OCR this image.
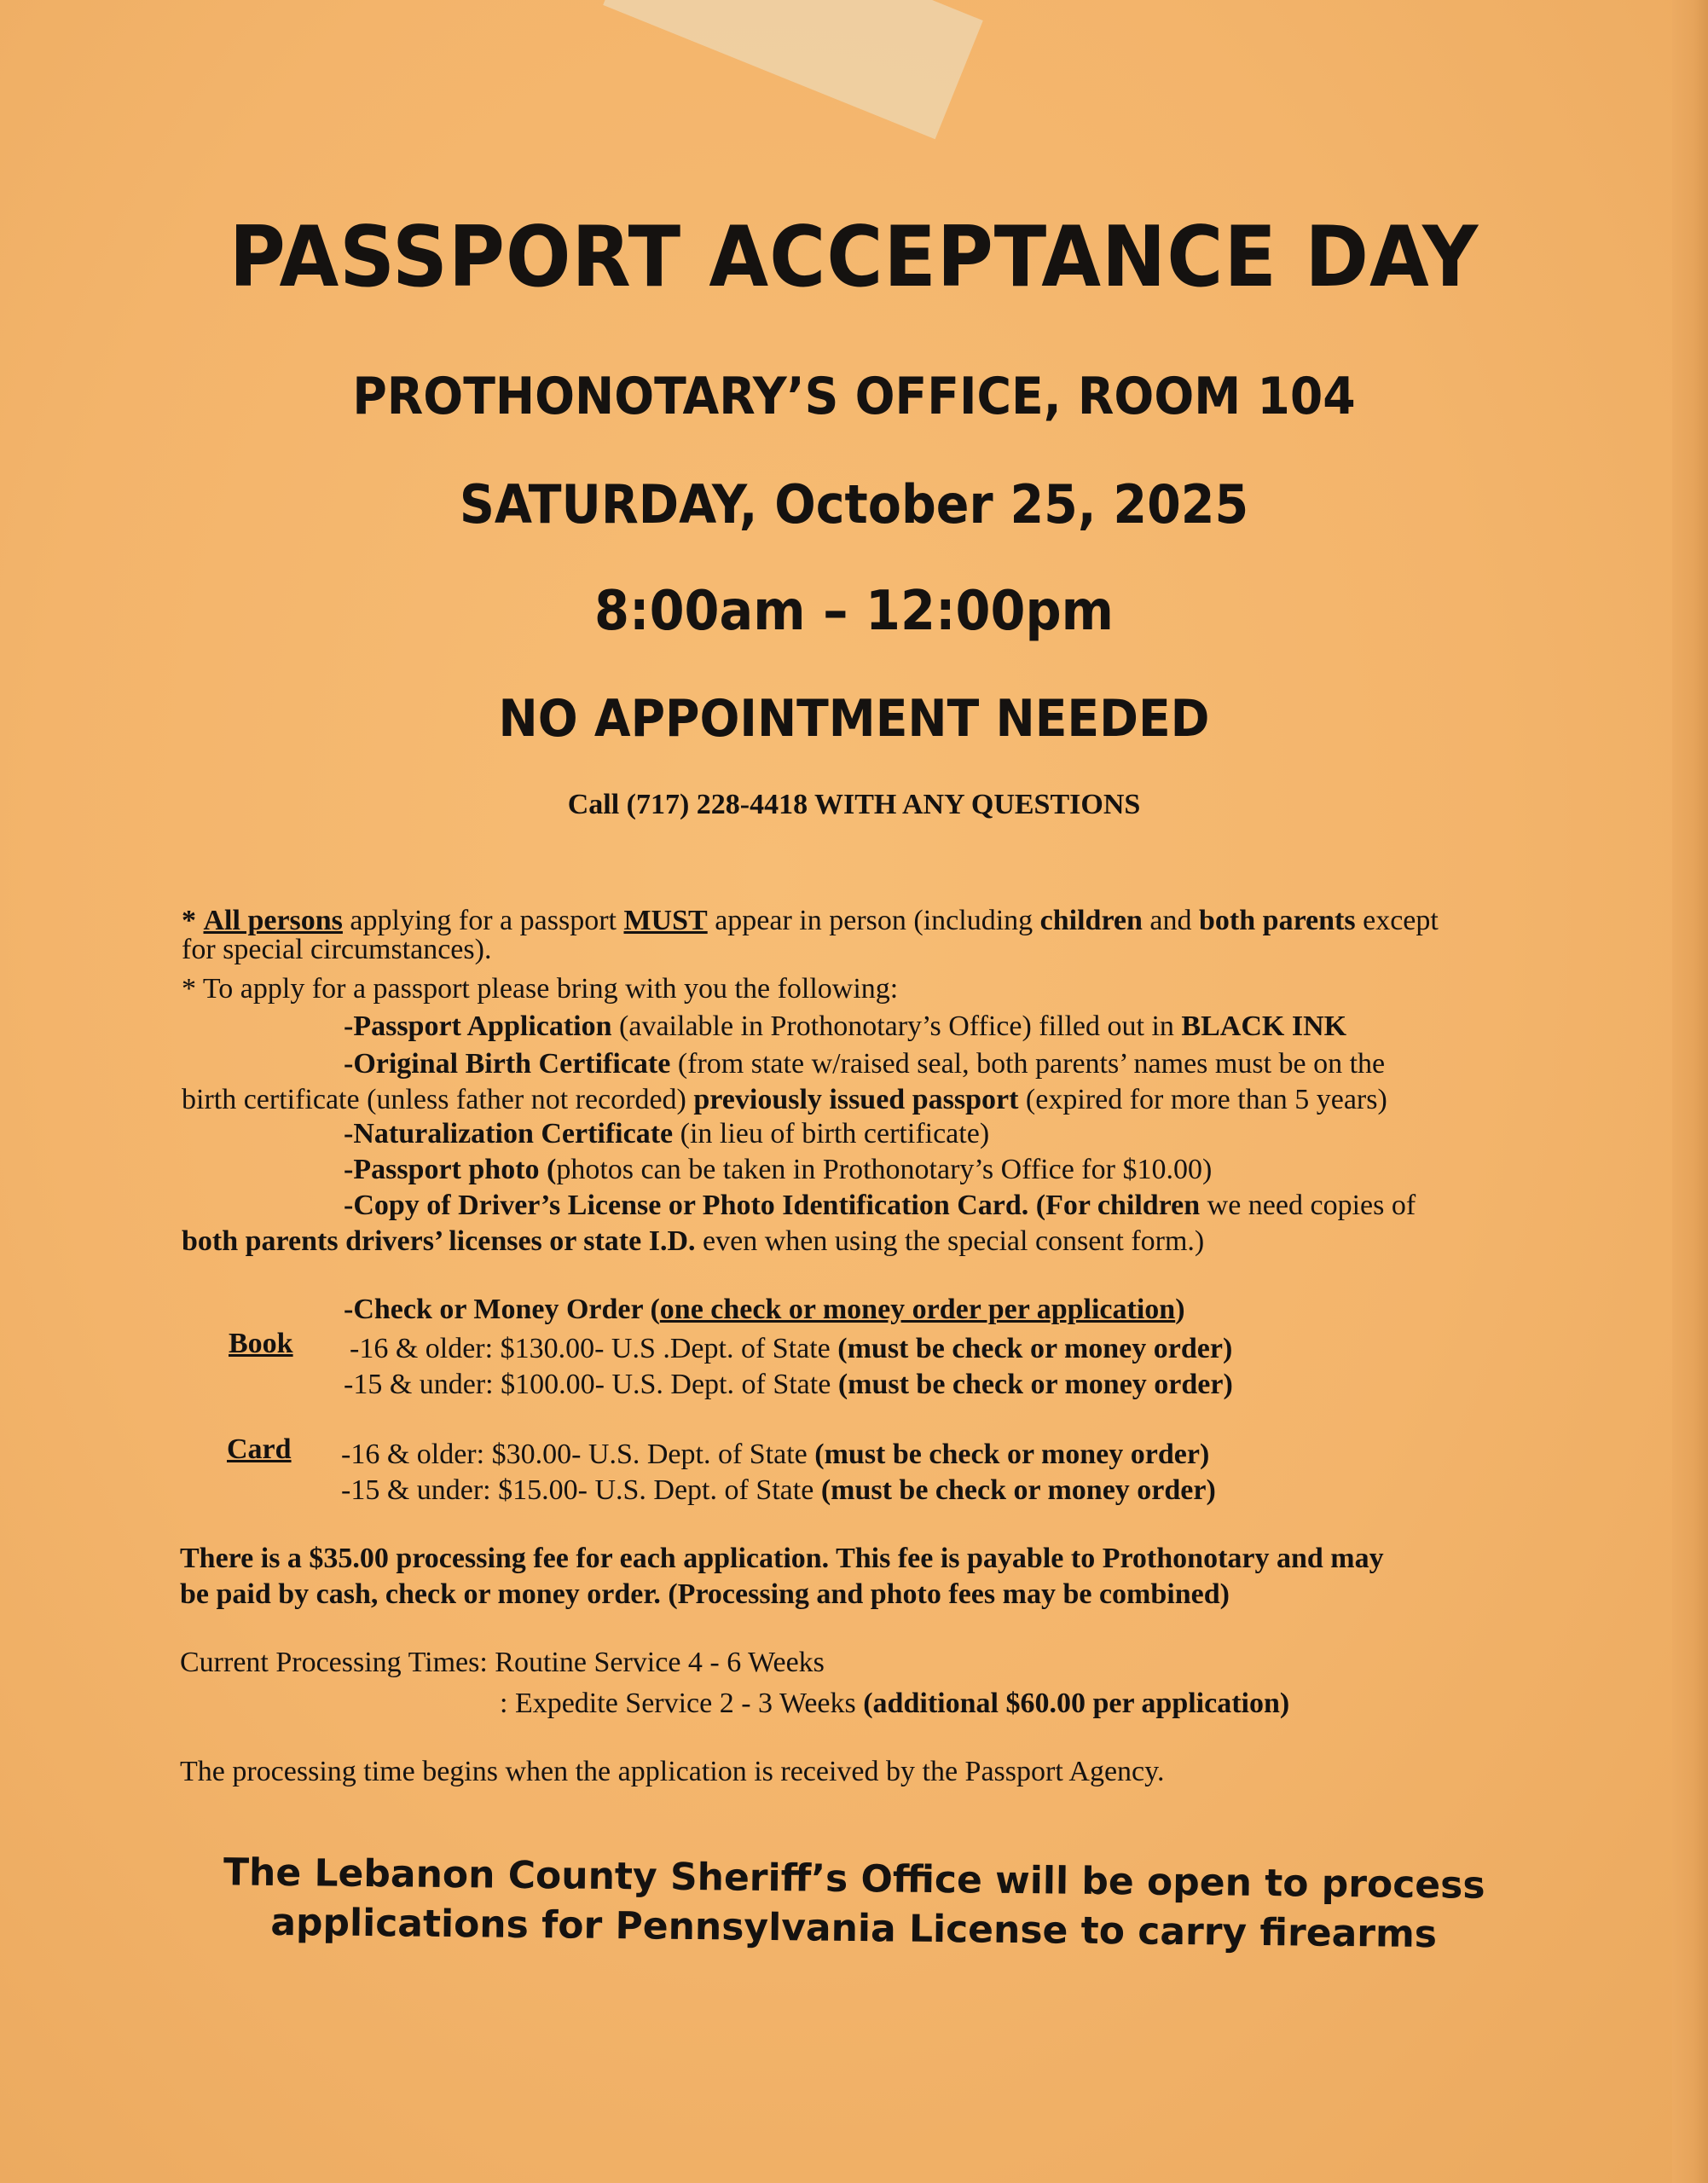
PASSPORT ACCEPTANCE DAY
PROTHONOTARY’S OFFICE, ROOM 104
SATURDAY, October 25, 2025
8:00am – 12:00pm
NO APPOINTMENT NEEDED
Call (717) 228-4418 WITH ANY QUESTIONS
* All persons applying for a passport MUST appear in person (including children and both parents except
for special circumstances).
* To apply for a passport please bring with you the following:
-Passport Application (available in Prothonotary’s Office) filled out in BLACK INK
-Original Birth Certificate (from state w/raised seal, both parents’ names must be on the
birth certificate (unless father not recorded) previously issued passport (expired for more than 5 years)
-Naturalization Certificate (in lieu of birth certificate)
-Passport photo (photos can be taken in Prothonotary’s Office for $10.00)
-Copy of Driver’s License or Photo Identification Card. (For children we need copies of
both parents drivers’ licenses or state I.D. even when using the special consent form.)
-Check or Money Order (one check or money order per application)
Book -16 & older: $130.00- U.S .Dept. of State (must be check or money order)
-15 & under: $100.00- U.S. Dept. of State (must be check or money order)
Card -16 & older: $30.00- U.S. Dept. of State (must be check or money order)
-15 & under: $15.00- U.S. Dept. of State (must be check or money order)
There is a $35.00 processing fee for each application. This fee is payable to Prothonotary and may
be paid by cash, check or money order. (Processing and photo fees may be combined)
Current Processing Times: Routine Service 4 - 6 Weeks
: Expedite Service 2 - 3 Weeks (additional $60.00 per application)
The processing time begins when the application is received by the Passport Agency.
The Lebanon County Sheriff’s Office will be open to process
applications for Pennsylvania License to carry firearms
